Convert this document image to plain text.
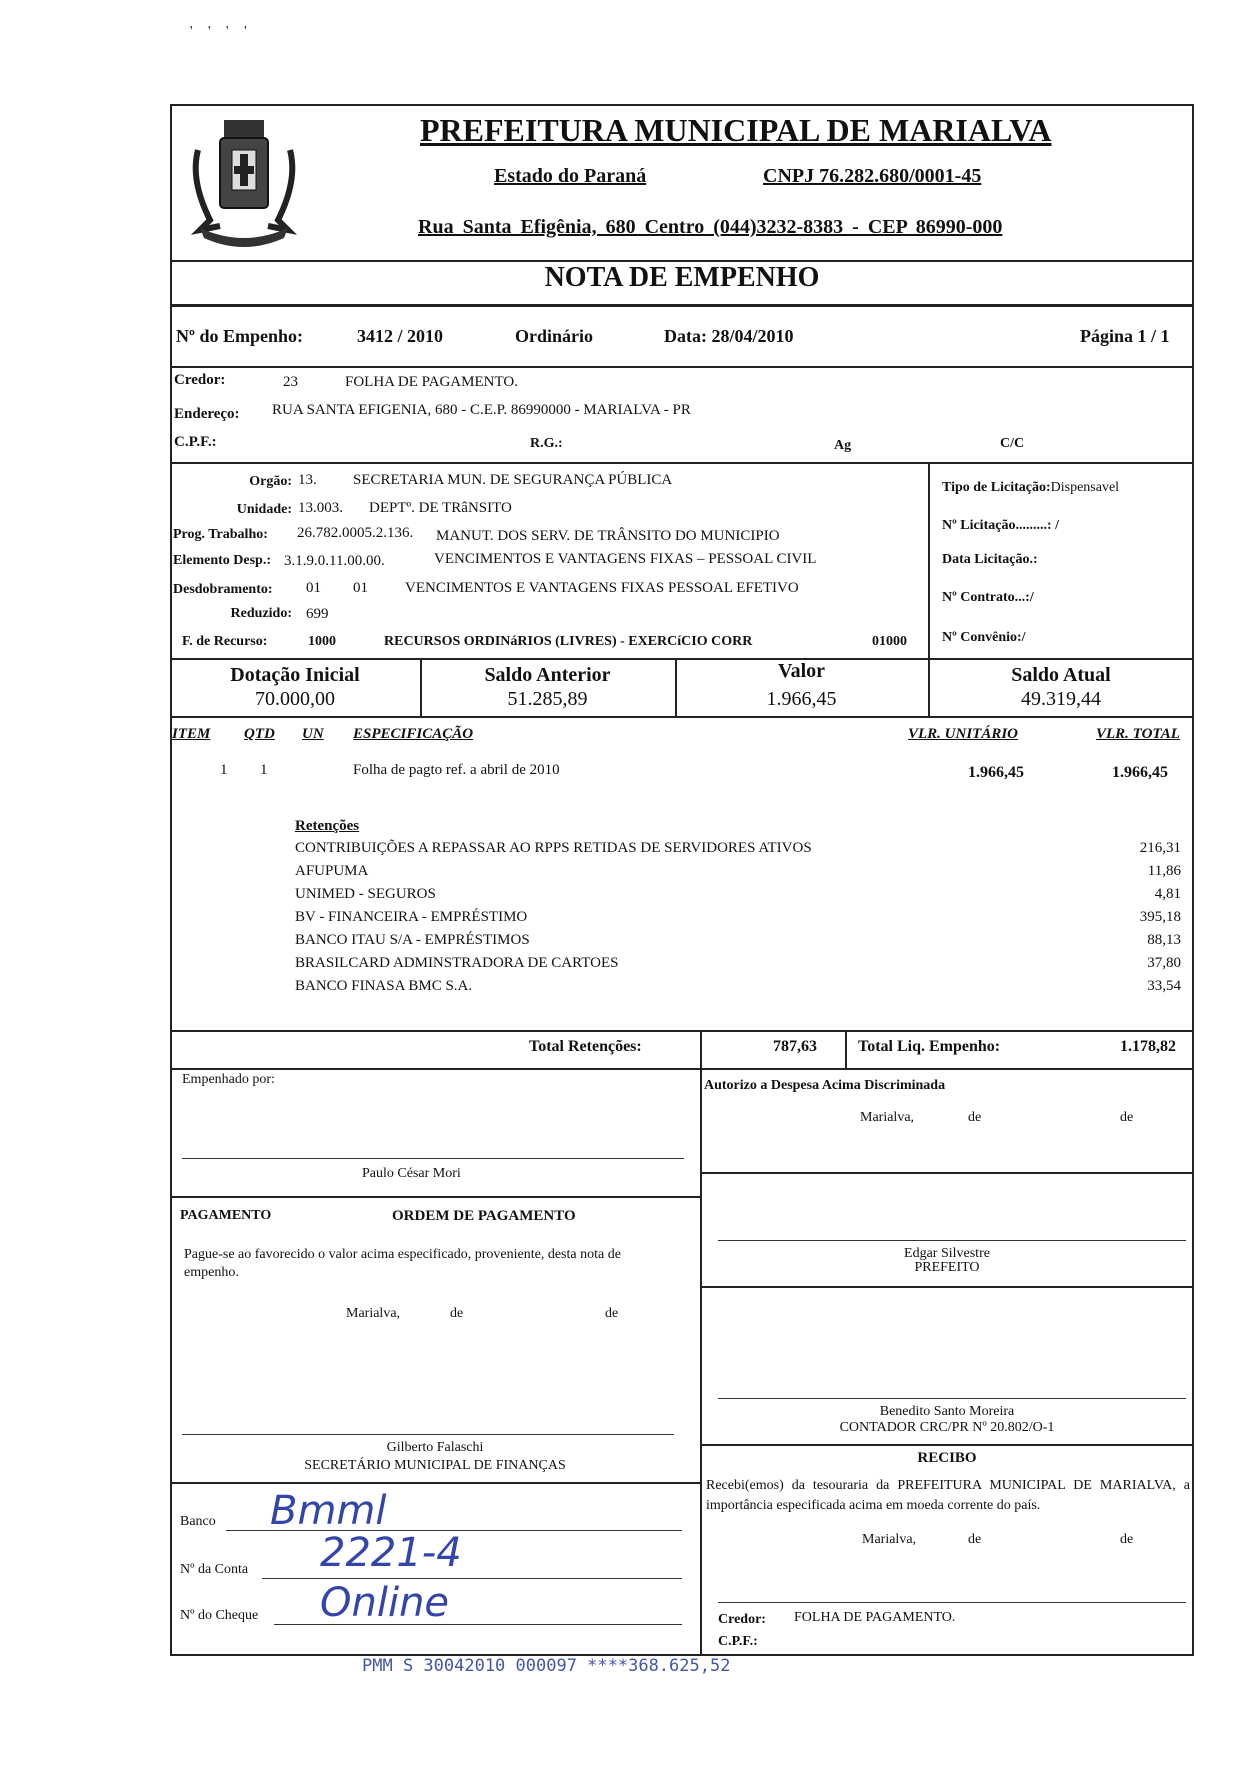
' ' ' '
PREFEITURA MUNICIPAL DE MARIALVA
Estado do Paraná	CNPJ 76.282.680/0001-45
Rua Santa Efigênia, 680 Centro (044)3232-8383 - CEP 86990-000
NOTA DE EMPENHO
Nº do Empenho:	3412 / 2010	Ordinário	Data: 28/04/2010	Página 1 / 1
Credor:	23	FOLHA DE PAGAMENTO.
Endereço: RUA SANTA EFIGENIA, 680 - C.E.P. 86990000 - MARIALVA - PR
C.P.F.:	R.G.:	Ag	C/C
Orgão: 13. SECRETARIA MUN. DE SEGURANÇA PÚBLICA
Unidade: 13.003. DEPTº. DE TRâNSITO
Prog. Trabalho: 26.782.0005.2.136. MANUT. DOS SERV. DE TRÂNSITO DO MUNICIPIO
Elemento Desp.: 3.1.9.0.11.00.00.	VENCIMENTOS E VANTAGENS FIXAS – PESSOAL CIVIL
Desdobramento: 01 01 VENCIMENTOS E VANTAGENS FIXAS PESSOAL EFETIVO
Reduzido: 699
F. de Recurso:	1000	RECURSOS ORDINáRIOS (LIVRES) - EXERCíCIO CORR	01000
Tipo de Licitação:Dispensavel
Nº Licitação.........: /
Data Licitação.:
Nº Contrato...:/
Nº Convênio:/
Dotação Inicial
70.000,00
Saldo Anterior
51.285,89
Valor
1.966,45
Saldo Atual
49.319,44
ITEM QTD UN ESPECIFICAÇÃO	VLR. UNITÁRIO	VLR. TOTAL
1 1	Folha de pagto ref. a abril de 2010	1.966,45	1.966,45
Retenções
CONTRIBUIÇÕES A REPASSAR AO RPPS RETIDAS DE SERVIDORES ATIVOS	216,31
AFUPUMA	11,86
UNIMED - SEGUROS	4,81
BV - FINANCEIRA - EMPRÉSTIMO	395,18
BANCO ITAU S/A - EMPRÉSTIMOS	88,13
BRASILCARD ADMINSTRADORA DE CARTOES	37,80
BANCO FINASA BMC S.A.	33,54
Total Retenções:	787,63	Total Liq. Empenho:	1.178,82
Empenhado por:
Paulo César Mori
PAGAMENTO	ORDEM DE PAGAMENTO
Pague-se ao favorecido o valor acima especificado, proveniente, desta nota de empenho.
Marialva,	de	de
Gilberto Falaschi
SECRETÁRIO MUNICIPAL DE FINANÇAS
Banco Bmml
Nº da Conta 2221-4
Nº do Cheque Online
Autorizo a Despesa Acima Discriminada
Marialva,	de	de
Edgar Silvestre
PREFEITO
Benedito Santo Moreira
CONTADOR CRC/PR Nº 20.802/O-1
RECIBO
Recebi(emos) da tesouraria da PREFEITURA MUNICIPAL DE MARIALVA, a importância especificada acima em moeda corrente do país.
Marialva,	de	de
Credor: FOLHA DE PAGAMENTO.
C.P.F.:
PMM S 30042010 000097 ****368.625,52
